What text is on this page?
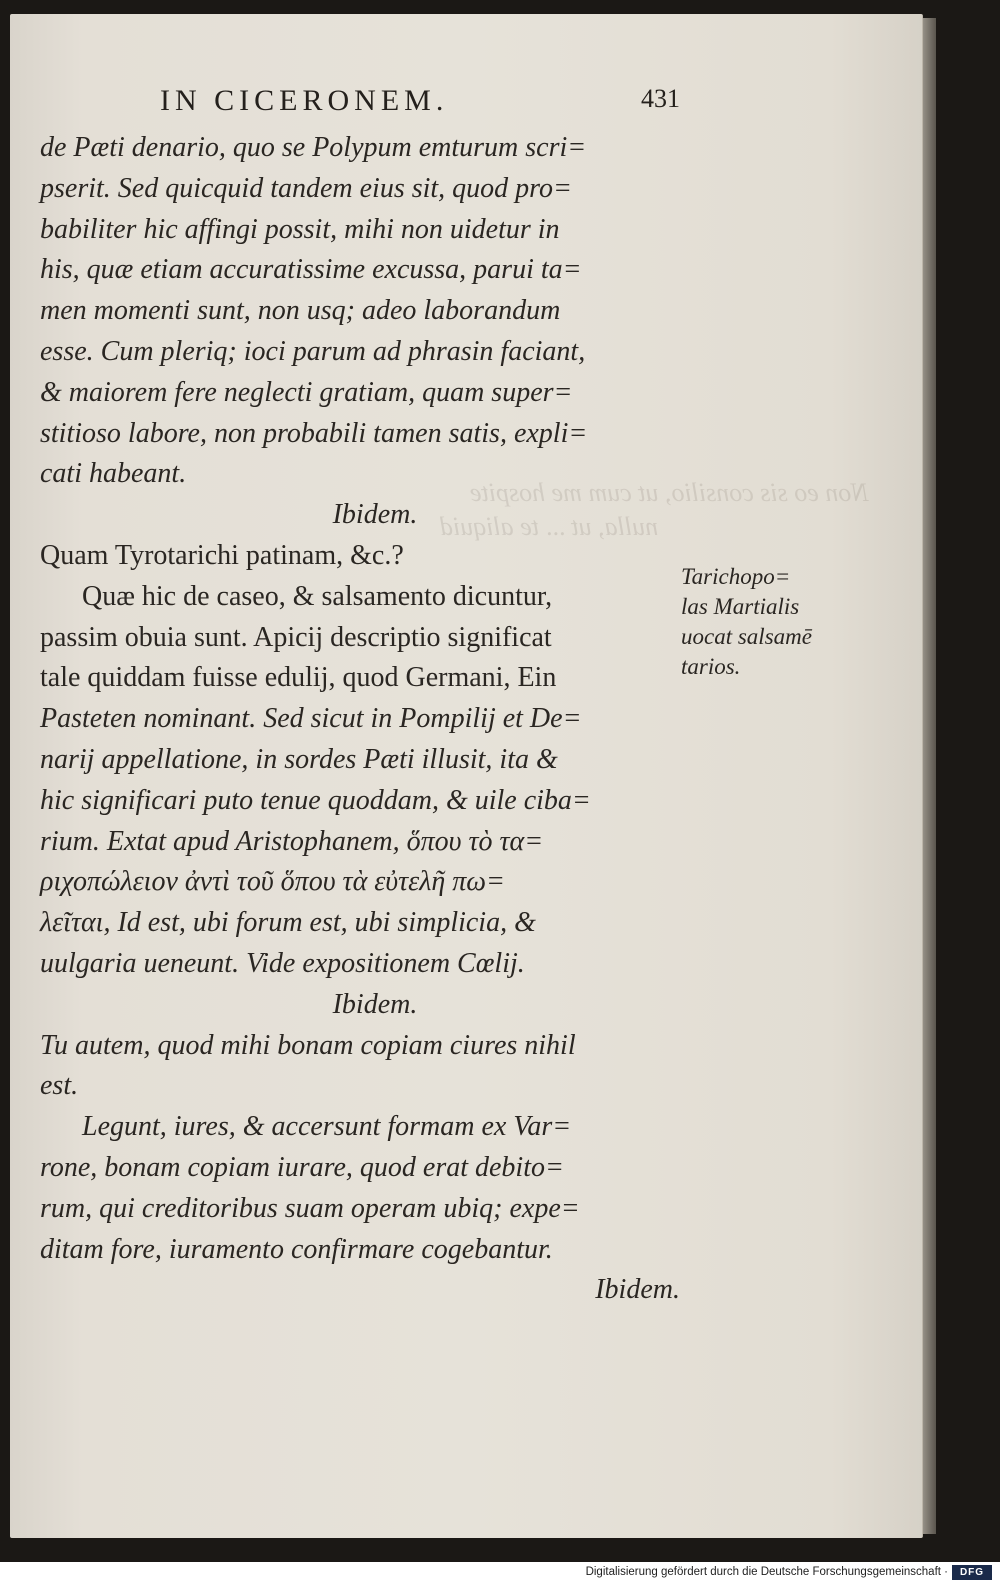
Non eo sis consilio, ut cum me hospite
nulla, ut ... te aliquid
IN CICERONEM.	431
de Pæti denario, quo se Polypum emturum scri=
pserit. Sed quicquid tandem eius sit, quod pro=
babiliter hic affingi possit, mihi non uidetur in
his, quæ etiam accuratissime excussa, parui ta=
men momenti sunt, non usq; adeo laborandum
esse. Cum pleriq; ioci parum ad phrasin faciant,
& maiorem fere neglecti gratiam, quam super=
stitioso labore, non probabili tamen satis, expli=
cati habeant.
Ibidem.
Quam Tyrotarichi patinam, &c.?
Quæ hic de caseo, & salsamento dicuntur,
passim obuia sunt. Apicij descriptio significat
tale quiddam fuisse edulij, quod Germani, Ein
Pasteten nominant. Sed sicut in Pompilij et De=
narij appellatione, in sordes Pæti illusit, ita &
hic significari puto tenue quoddam, & uile ciba=
rium. Extat apud Aristophanem, ὅπου τὸ τα=
ριχοπώλειον ἀντὶ τοῦ ὅπου τὰ εὐτελῆ πω=
λεῖται, Id est, ubi forum est, ubi simplicia, &
uulgaria ueneunt. Vide expositionem Cœlij.
Ibidem.
Tu autem, quod mihi bonam copiam ciures nihil
est.
Legunt, iures, & accersunt formam ex Var=
rone, bonam copiam iurare, quod erat debito=
rum, qui creditoribus suam operam ubiq; expe=
ditam fore, iuramento confirmare cogebantur.
Ibidem.
Tarichopo=
las Martialis
uocat salsamē
tarios.
Digitalisierung gefördert durch die Deutsche Forschungsgemeinschaft ·	DFG
